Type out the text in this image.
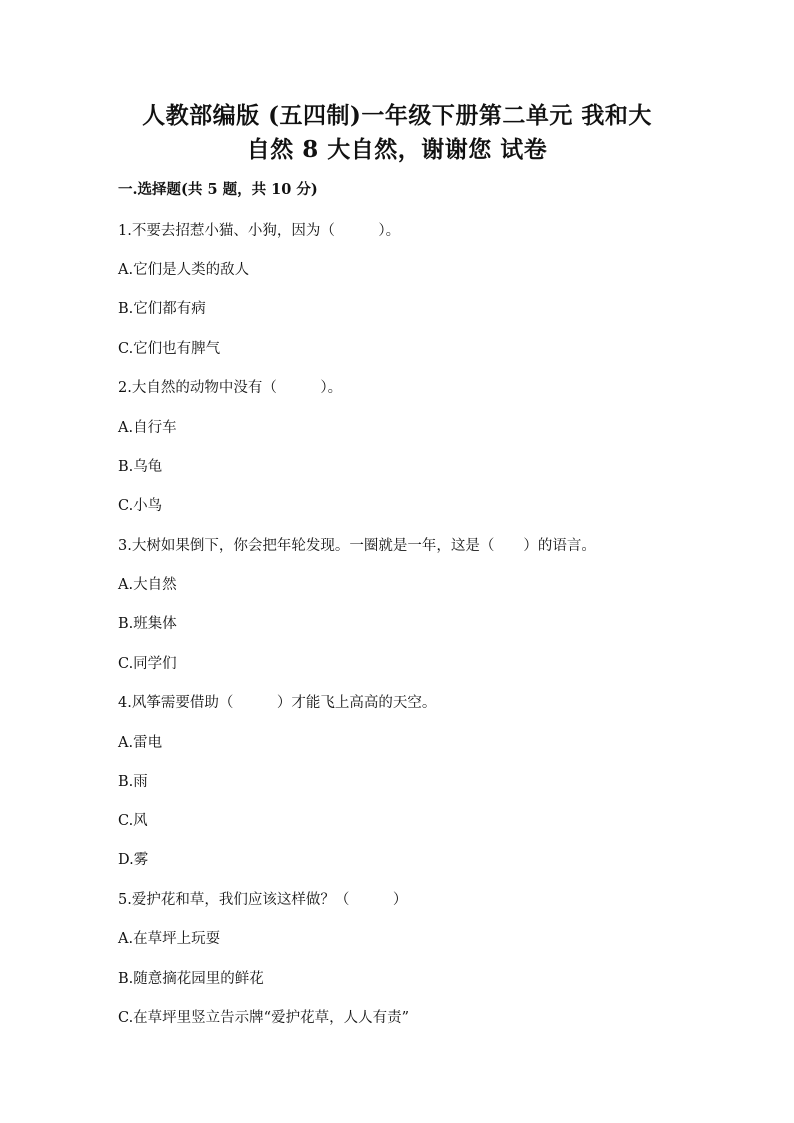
人教部编版 (五四制)一年级下册第二单元 我和大
自然 8 大自然，谢谢您 试卷
一.选择题(共 5 题，共 10 分)
1.不要去招惹小猫、小狗，因为（　　　）。
A.它们是人类的敌人
B.它们都有病
C.它们也有脾气
2.大自然的动物中没有（　　　）。
A.自行车
B.乌龟
C.小鸟
3.大树如果倒下，你会把年轮发现。一圈就是一年，这是（　　）的语言。
A.大自然
B.班集体
C.同学们
4.风筝需要借助（　　　）才能飞上高高的天空。
A.雷电
B.雨
C.风
D.雾
5.爱护花和草，我们应该这样做？（　　　）
A.在草坪上玩耍
B.随意摘花园里的鲜花
C.在草坪里竖立告示牌“爱护花草，人人有责”
